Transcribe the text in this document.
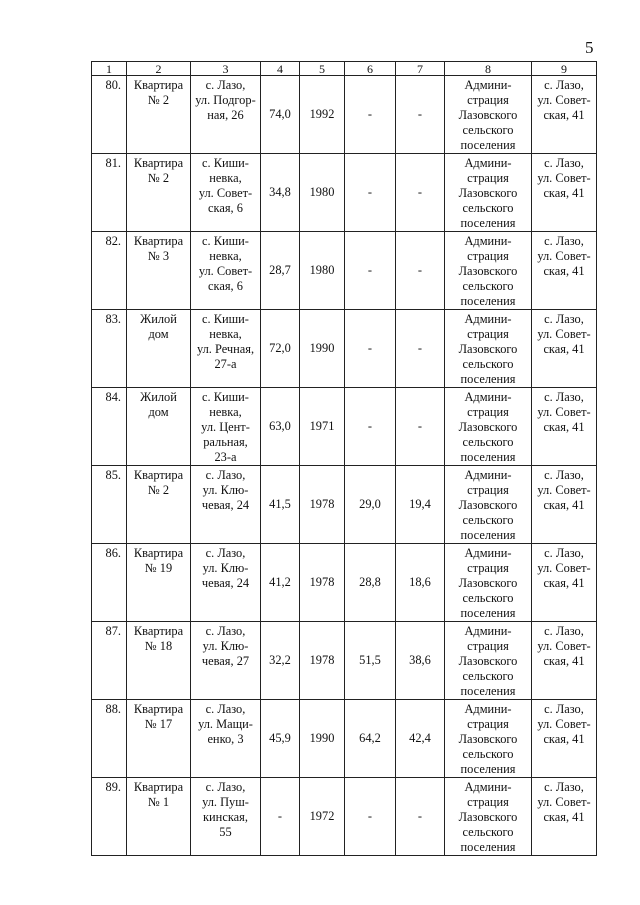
5
1	2	3	4	5	6	7	8	9

80.	Квартира
№ 2	с. Лазо,
ул. Подгор-
ная, 26	74,0	1992	-	-	Админи-
страция
Лазовского
сельского
поселения	с. Лазо,
ул. Совет-
ская, 41

81.	Квартира
№ 2	с. Киши-
невка,
ул. Совет-
ская, 6	34,8	1980	-	-	Админи-
страция
Лазовского
сельского
поселения	с. Лазо,
ул. Совет-
ская, 41

82.	Квартира
№ 3	с. Киши-
невка,
ул. Совет-
ская, 6	28,7	1980	-	-	Админи-
страция
Лазовского
сельского
поселения	с. Лазо,
ул. Совет-
ская, 41

83.	Жилой
дом	с. Киши-
невка,
ул. Речная,
27-а	72,0	1990	-	-	Админи-
страция
Лазовского
сельского
поселения	с. Лазо,
ул. Совет-
ская, 41

84.	Жилой
дом	с. Киши-
невка,
ул. Цент-
ральная,
23-а	63,0	1971	-	-	Админи-
страция
Лазовского
сельского
поселения	с. Лазо,
ул. Совет-
ская, 41

85.	Квартира
№ 2	с. Лазо,
ул. Клю-
чевая, 24	41,5	1978	29,0	19,4	Админи-
страция
Лазовского
сельского
поселения	с. Лазо,
ул. Совет-
ская, 41

86.	Квартира
№ 19	с. Лазо,
ул. Клю-
чевая, 24	41,2	1978	28,8	18,6	Админи-
страция
Лазовского
сельского
поселения	с. Лазо,
ул. Совет-
ская, 41

87.	Квартира
№ 18	с. Лазо,
ул. Клю-
чевая, 27	32,2	1978	51,5	38,6	Админи-
страция
Лазовского
сельского
поселения	с. Лазо,
ул. Совет-
ская, 41

88.	Квартира
№ 17	с. Лазо,
ул. Мащи-
енко, 3	45,9	1990	64,2	42,4	Админи-
страция
Лазовского
сельского
поселения	с. Лазо,
ул. Совет-
ская, 41

89.	Квартира
№ 1	с. Лазо,
ул. Пуш-
кинская,
55	-	1972	-	-	Админи-
страция
Лазовского
сельского
поселения	с. Лазо,
ул. Совет-
ская, 41
